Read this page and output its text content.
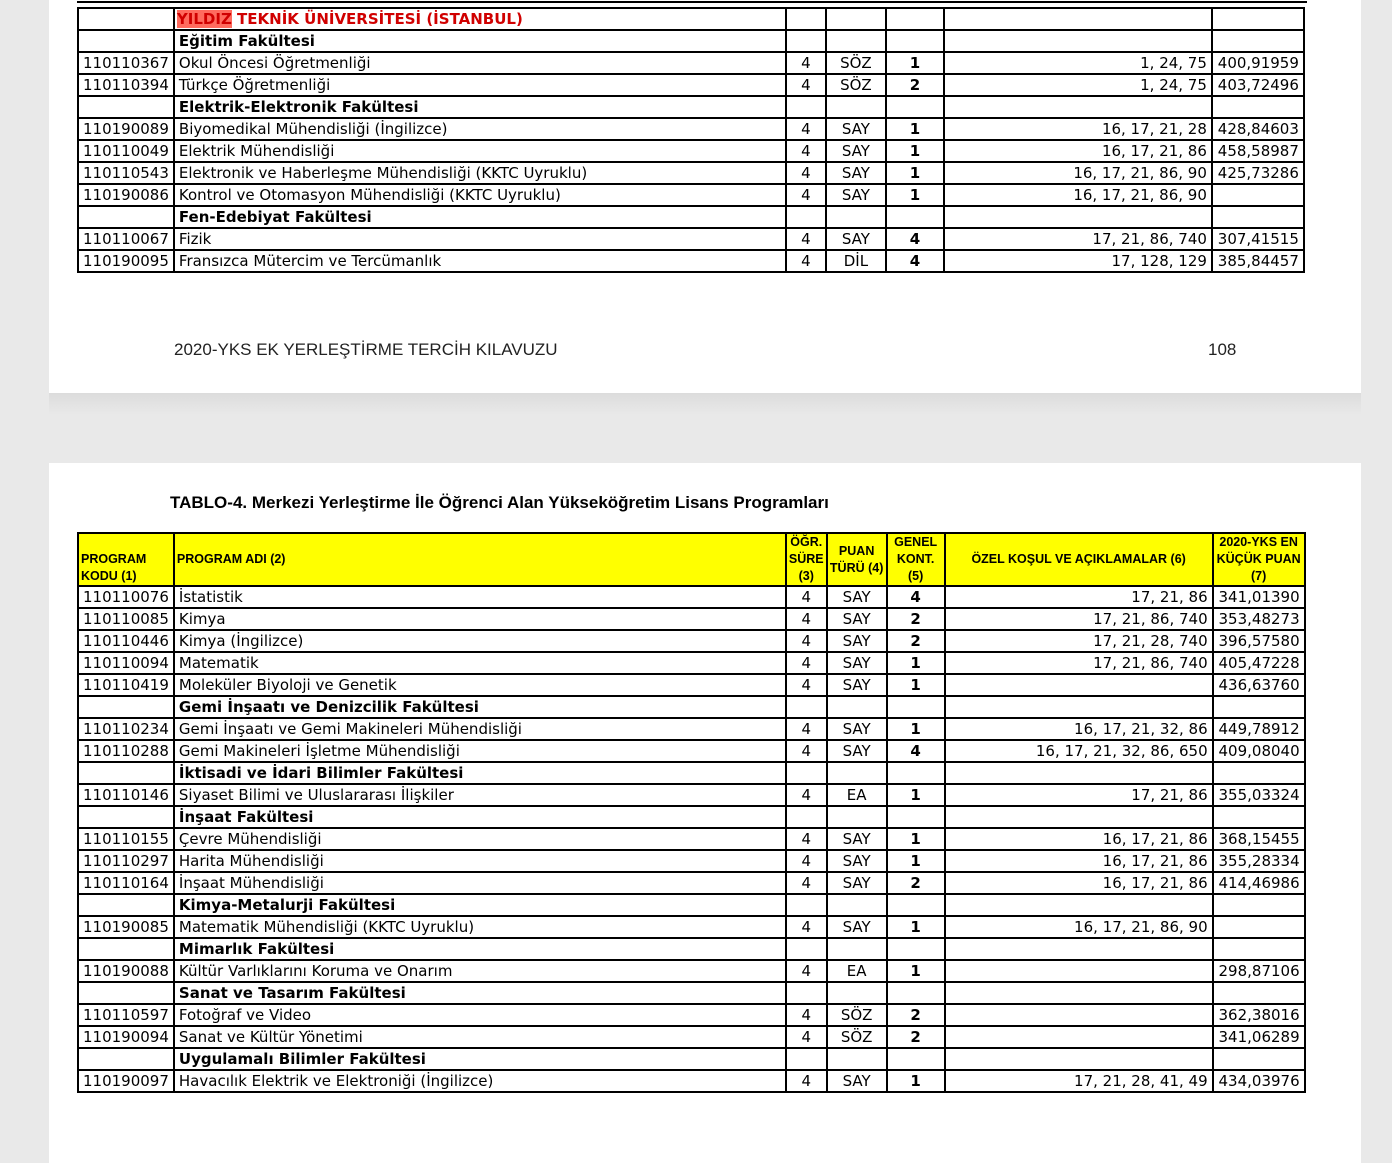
	YILDIZ TEKNİK ÜNİVERSİTESİ (İSTANBUL)					
	Eğitim Fakültesi					
110110367	Okul Öncesi Öğretmenliği	4	SÖZ	1	1, 24, 75	400,91959
110110394	Türkçe Öğretmenliği	4	SÖZ	2	1, 24, 75	403,72496
	Elektrik-Elektronik Fakültesi					
110190089	Biyomedikal Mühendisliği (İngilizce)	4	SAY	1	16, 17, 21, 28	428,84603
110110049	Elektrik Mühendisliği	4	SAY	1	16, 17, 21, 86	458,58987
110110543	Elektronik ve Haberleşme Mühendisliği (KKTC Uyruklu)	4	SAY	1	16, 17, 21, 86, 90	425,73286
110190086	Kontrol ve Otomasyon Mühendisliği (KKTC Uyruklu)	4	SAY	1	16, 17, 21, 86, 90	
	Fen-Edebiyat Fakültesi					
110110067	Fizik	4	SAY	4	17, 21, 86, 740	307,41515
110190095	Fransızca Mütercim ve Tercümanlık	4	DİL	4	17, 128, 129	385,84457
2020-YKS EK YERLEŞTİRME TERCİH KILAVUZU	108
TABLO-4. Merkezi Yerleştirme İle Öğrenci Alan Yükseköğretim Lisans Programları
PROGRAM KODU (1)	PROGRAM ADI (2)	ÖĞR. SÜRE (3)	PUAN TÜRÜ (4)	GENEL KONT. (5)	ÖZEL KOŞUL VE AÇIKLAMALAR (6)	2020-YKS EN KÜÇÜK PUAN (7)
110110076	İstatistik	4	SAY	4	17, 21, 86	341,01390
110110085	Kimya	4	SAY	2	17, 21, 86, 740	353,48273
110110446	Kimya (İngilizce)	4	SAY	2	17, 21, 28, 740	396,57580
110110094	Matematik	4	SAY	1	17, 21, 86, 740	405,47228
110110419	Moleküler Biyoloji ve Genetik	4	SAY	1		436,63760
	Gemi İnşaatı ve Denizcilik Fakültesi					
110110234	Gemi İnşaatı ve Gemi Makineleri Mühendisliği	4	SAY	1	16, 17, 21, 32, 86	449,78912
110110288	Gemi Makineleri İşletme Mühendisliği	4	SAY	4	16, 17, 21, 32, 86, 650	409,08040
	İktisadi ve İdari Bilimler Fakültesi					
110110146	Siyaset Bilimi ve Uluslararası İlişkiler	4	EA	1	17, 21, 86	355,03324
	İnşaat Fakültesi					
110110155	Çevre Mühendisliği	4	SAY	1	16, 17, 21, 86	368,15455
110110297	Harita Mühendisliği	4	SAY	1	16, 17, 21, 86	355,28334
110110164	İnşaat Mühendisliği	4	SAY	2	16, 17, 21, 86	414,46986
	Kimya-Metalurji Fakültesi					
110190085	Matematik Mühendisliği (KKTC Uyruklu)	4	SAY	1	16, 17, 21, 86, 90	
	Mimarlık Fakültesi					
110190088	Kültür Varlıklarını Koruma ve Onarım	4	EA	1		298,87106
	Sanat ve Tasarım Fakültesi					
110110597	Fotoğraf ve Video	4	SÖZ	2		362,38016
110190094	Sanat ve Kültür Yönetimi	4	SÖZ	2		341,06289
	Uygulamalı Bilimler Fakültesi					
110190097	Havacılık Elektrik ve Elektroniği (İngilizce)	4	SAY	1	17, 21, 28, 41, 49	434,03976
